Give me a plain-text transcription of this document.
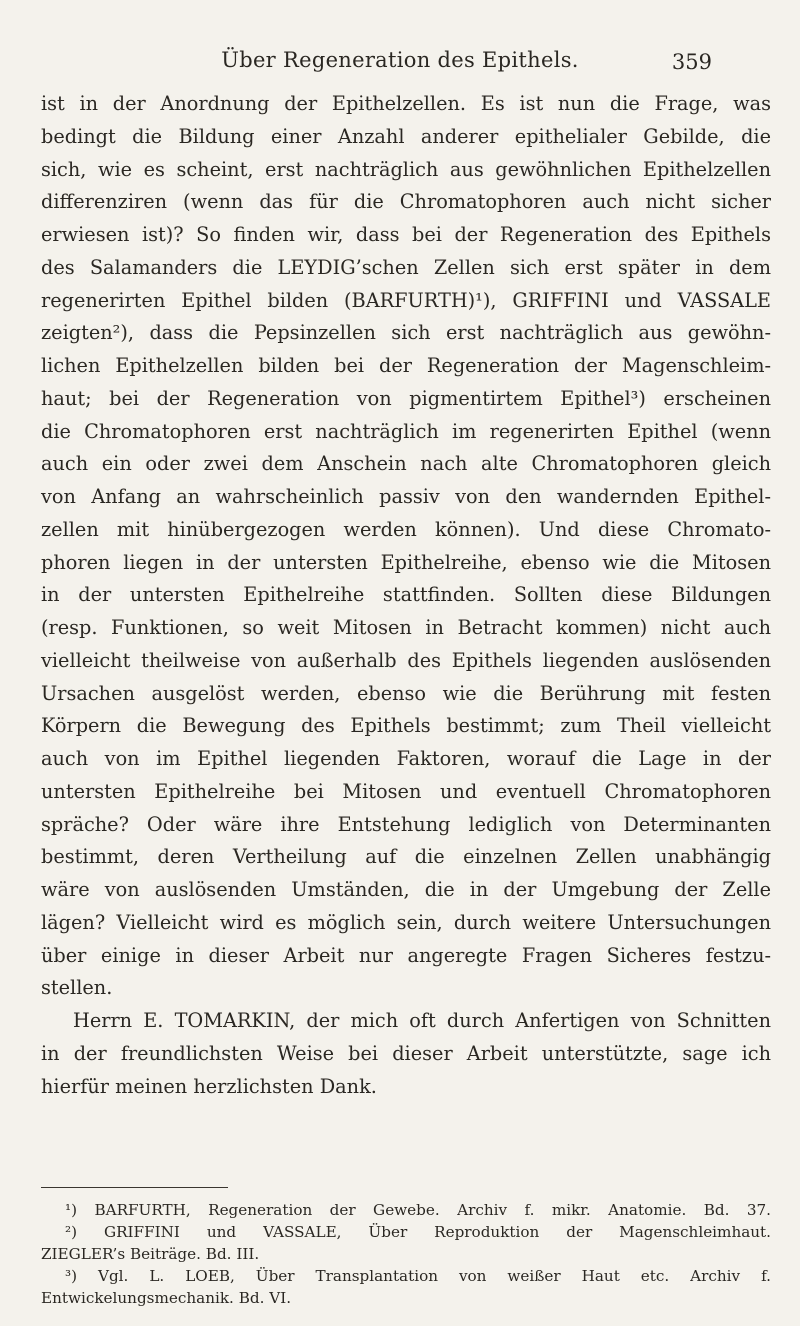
Über Regeneration des Epithels.	359
ist in der Anordnung der Epithelzellen. Es ist nun die Frage, was
bedingt die Bildung einer Anzahl anderer epithelialer Gebilde, die
sich, wie es scheint, erst nachträglich aus gewöhnlichen Epithelzellen
differenziren (wenn das für die Chromatophoren auch nicht sicher
erwiesen ist)? So finden wir, dass bei der Regeneration des Epithels
des Salamanders die LEYDIG’schen Zellen sich erst später in dem
regenerirten Epithel bilden (BARFURTH)¹), GRIFFINI und VASSALE
zeigten²), dass die Pepsinzellen sich erst nachträglich aus gewöhn-
lichen Epithelzellen bilden bei der Regeneration der Magenschleim-
haut; bei der Regeneration von pigmentirtem Epithel³) erscheinen
die Chromatophoren erst nachträglich im regenerirten Epithel (wenn
auch ein oder zwei dem Anschein nach alte Chromatophoren gleich
von Anfang an wahrscheinlich passiv von den wandernden Epithel-
zellen mit hinübergezogen werden können). Und diese Chromato-
phoren liegen in der untersten Epithelreihe, ebenso wie die Mitosen
in der untersten Epithelreihe stattfinden. Sollten diese Bildungen
(resp. Funktionen, so weit Mitosen in Betracht kommen) nicht auch
vielleicht theilweise von außerhalb des Epithels liegenden auslösenden
Ursachen ausgelöst werden, ebenso wie die Berührung mit festen
Körpern die Bewegung des Epithels bestimmt; zum Theil vielleicht
auch von im Epithel liegenden Faktoren, worauf die Lage in der
untersten Epithelreihe bei Mitosen und eventuell Chromatophoren
spräche? Oder wäre ihre Entstehung lediglich von Determinanten
bestimmt, deren Vertheilung auf die einzelnen Zellen unabhängig
wäre von auslösenden Umständen, die in der Umgebung der Zelle
lägen? Vielleicht wird es möglich sein, durch weitere Untersuchungen
über einige in dieser Arbeit nur angeregte Fragen Sicheres festzu-
stellen.
Herrn E. TOMARKIN, der mich oft durch Anfertigen von Schnitten
in der freundlichsten Weise bei dieser Arbeit unterstützte, sage ich
hierfür meinen herzlichsten Dank.
¹) BARFURTH, Regeneration der Gewebe. Archiv f. mikr. Anatomie. Bd. 37.
²) GRIFFINI und VASSALE, Über Reproduktion der Magenschleimhaut.
ZIEGLER’s Beiträge. Bd. III.
³) Vgl. L. LOEB, Über Transplantation von weißer Haut etc. Archiv f.
Entwickelungsmechanik. Bd. VI.
